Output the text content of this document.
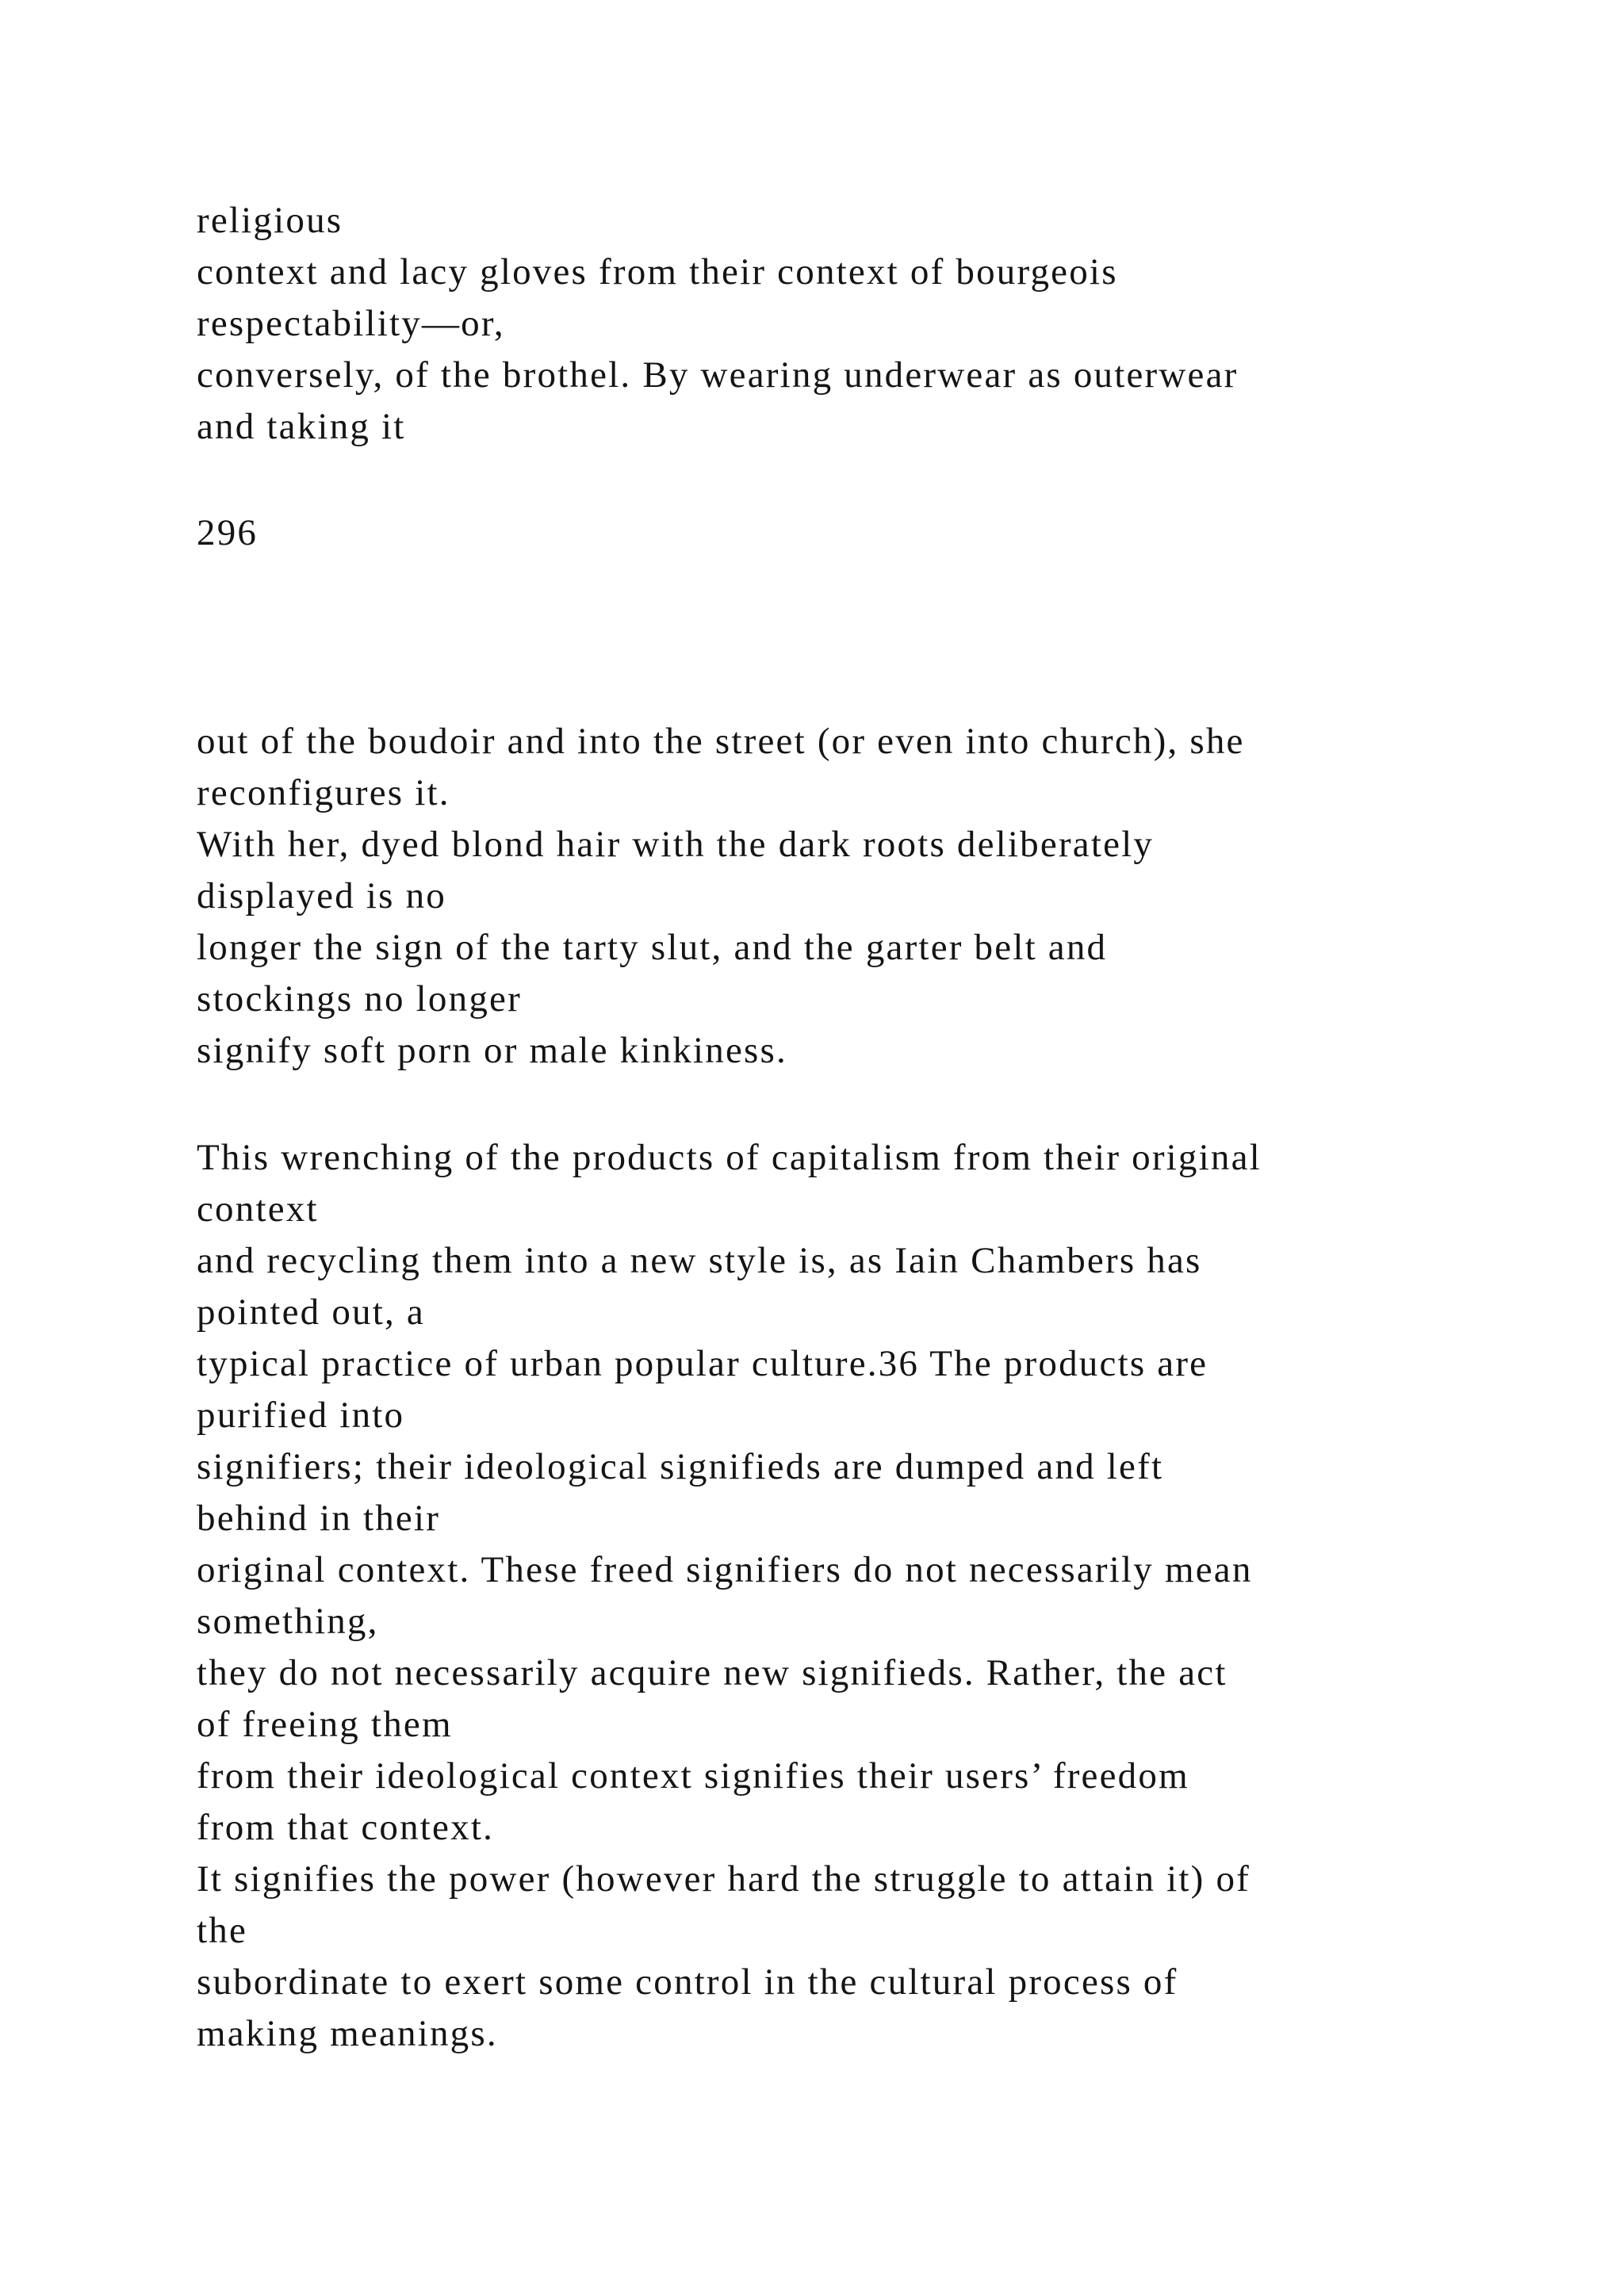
religious
context and lacy gloves from their context of bourgeois
respectability—or,
conversely, of the brothel. By wearing underwear as outerwear
and taking it
296
out of the boudoir and into the street (or even into church), she
reconfigures it.
With her, dyed blond hair with the dark roots deliberately
displayed is no
longer the sign of the tarty slut, and the garter belt and
stockings no longer
signify soft porn or male kinkiness.
This wrenching of the products of capitalism from their original
context
and recycling them into a new style is, as Iain Chambers has
pointed out, a
typical practice of urban popular culture.36 The products are
purified into
signifiers; their ideological signifieds are dumped and left
behind in their
original context. These freed signifiers do not necessarily mean
something,
they do not necessarily acquire new signifieds. Rather, the act
of freeing them
from their ideological context signifies their users’ freedom
from that context.
It signifies the power (however hard the struggle to attain it) of
the
subordinate to exert some control in the cultural process of
making meanings.
